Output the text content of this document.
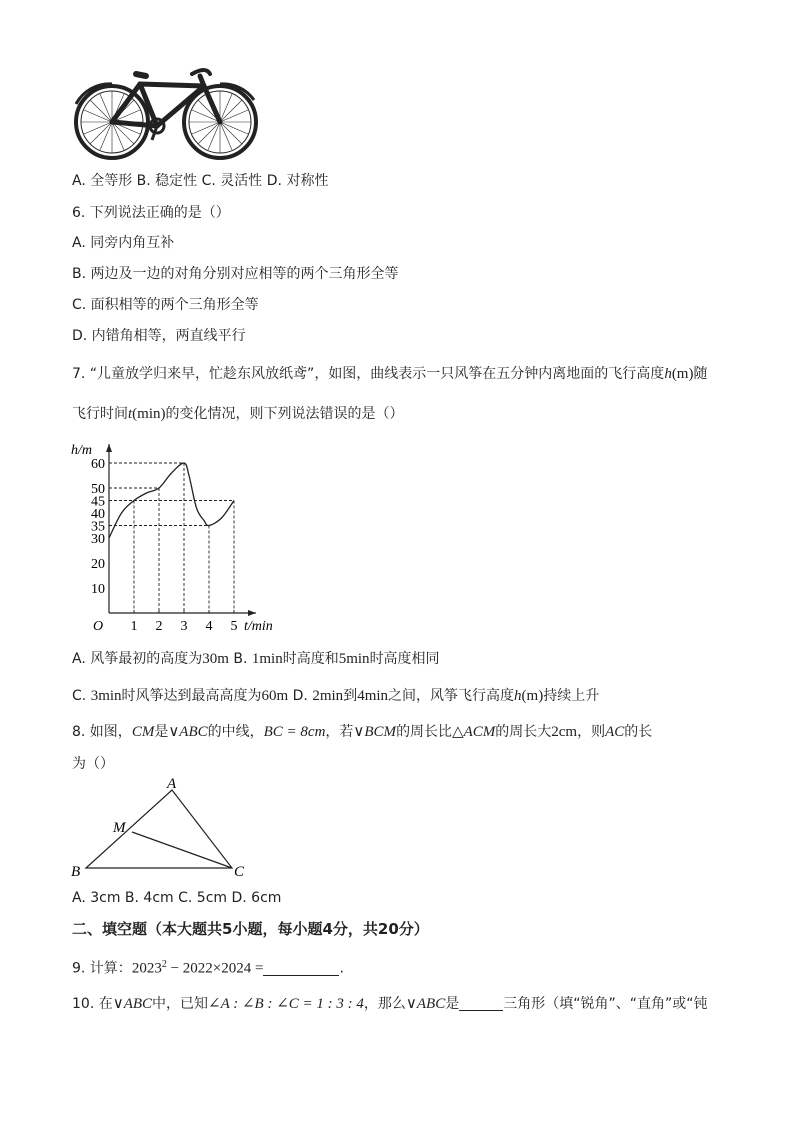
A. 全等形 B. 稳定性 C. 灵活性 D. 对称性
6. 下列说法正确的是（）
A. 同旁内角互补
B. 两边及一边的对角分别对应相等的两个三角形全等
C. 面积相等的两个三角形全等
D. 内错角相等，两直线平行
7. “儿童放学归来早，忙趁东风放纸鸢”，如图，曲线表示一只风筝在五分钟内离地面的飞行高度h(m)随
飞行时间t(min)的变化情况，则下列说法错误的是（）
1 2 3 4 5
10
20
30
35
40
45
50
60
t/min
h/m
O
A. 风筝最初的高度为30m B. 1min时高度和5min时高度相同
C. 3min时风筝达到最高高度为60m D. 2min到4min之间，风筝飞行高度h(m)持续上升
8. 如图，CM是∨ABC的中线，BC = 8cm，若∨BCM的周长比△ACM的周长大2cm，则AC的长
为（）
A
M
B	C
A. 3cm B. 4cm C. 5cm D. 6cm
二、填空题（本大题共5小题，每小题4分，共20分）
9. 计算：$2023^2 - 2022\times 2024$ =	.
10. 在∨ABC中，已知∠A : ∠B : ∠C = 1 : 3 : 4，那么∨ABC是	三角形（填“锐角”、“直角”或“钝
